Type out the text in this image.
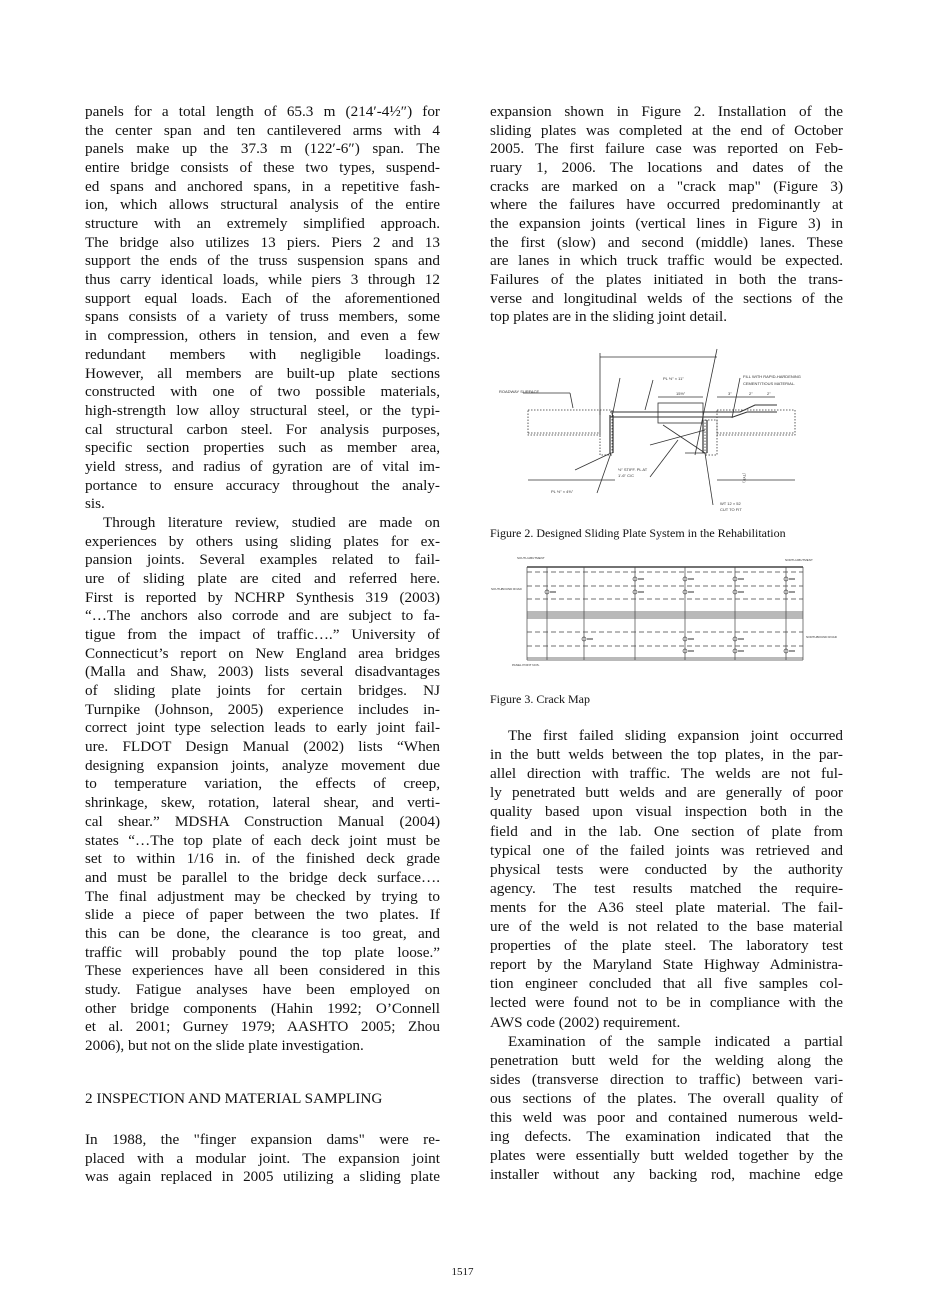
panels for a total length of 65.3 m (214′-4½″) for
the center span and ten cantilevered arms with 4
panels make up the 37.3 m (122′-6″) span. The
entire bridge consists of these two types, suspend-
ed spans and anchored spans, in a repetitive fash-
ion, which allows structural analysis of the entire
structure with an extremely simplified approach.
The bridge also utilizes 13 piers. Piers 2 and 13
support the ends of the truss suspension spans and
thus carry identical loads, while piers 3 through 12
support equal loads. Each of the aforementioned
spans consists of a variety of truss members, some
in compression, others in tension, and even a few
redundant members with negligible loadings.
However, all members are built-up plate sections
constructed with one of two possible materials,
high-strength low alloy structural steel, or the typi-
cal structural carbon steel. For analysis purposes,
specific section properties such as member area,
yield stress, and radius of gyration are of vital im-
portance to ensure accuracy throughout the analy-
sis.
Through literature review, studied are made on
experiences by others using sliding plates for ex-
pansion joints. Several examples related to fail-
ure of sliding plate are cited and referred here.
First is reported by NCHRP Synthesis 319 (2003)
“…The anchors also corrode and are subject to fa-
tigue from the impact of traffic….” University of
Connecticut’s report on New England area bridges
(Malla and Shaw, 2003) lists several disadvantages
of sliding plate joints for certain bridges. NJ
Turnpike (Johnson, 2005) experience includes in-
correct joint type selection leads to early joint fail-
ure. FLDOT Design Manual (2002) lists “When
designing expansion joints, analyze movement due
to temperature variation, the effects of creep,
shrinkage, skew, rotation, lateral shear, and verti-
cal shear.” MDSHA Construction Manual (2004)
states “…The top plate of each deck joint must be
set to within 1/16 in. of the finished deck grade
and must be parallel to the bridge deck surface….
The final adjustment may be checked by trying to
slide a piece of paper between the two plates. If
this can be done, the clearance is too great, and
traffic will probably pound the top plate loose.”
These experiences have all been considered in this
study. Fatigue analyses have been employed on
other bridge components (Hahin 1992; O’Connell
et al. 2001; Gurney 1979; AASHTO 2005; Zhou
2006), but not on the slide plate investigation.
In 1988, the "finger expansion dams" were re-
placed with a modular joint. The expansion joint
was again replaced in 2005 utilizing a sliding plate
expansion shown in Figure 2. Installation of the
sliding plates was completed at the end of October
2005. The first failure case was reported on Feb-
ruary 1, 2006. The locations and dates of the
cracks are marked on a "crack map" (Figure 3)
where the failures have occurred predominantly at
the expansion joints (vertical lines in Figure 3) in
the first (slow) and second (middle) lanes. These
are lanes in which truck traffic would be expected.
Failures of the plates initiated in both the trans-
verse and longitudinal welds of the sections of the
top plates are in the sliding joint detail.
The first failed sliding expansion joint occurred
in the butt welds between the top plates, in the par-
allel direction with traffic. The welds are not ful-
ly penetrated butt welds and are generally of poor
quality based upon visual inspection both in the
field and in the lab. One section of plate from
typical one of the failed joints was retrieved and
physical tests were conducted by the authority
agency. The test results matched the require-
ments for the A36 steel plate material. The fail-
ure of the weld is not related to the base material
properties of the plate steel. The laboratory test
report by the Maryland State Highway Administra-
tion engineer concluded that all five samples col-
lected were found not to be in compliance with the
AWS code (2002) requirement.
Examination of the sample indicated a partial
penetration butt weld for the welding along the
sides (transverse direction to traffic) between vari-
ous sections of the plates. The overall quality of
this weld was poor and contained numerous weld-
ing defects. The examination indicated that the
plates were essentially butt welded together by the
installer without any backing rod, machine edge
2 INSPECTION AND MATERIAL SAMPLING
ROADWAY SURFACE
FILL WITH RAPID-HARDENING
CEMENTITIOUS MATERIAL.
PL ½" × 11"
15½"	3"	2"	2"
½" STIFF. PL AT
1'-6" C/C
PL ½" × 4⅝"
WT 12 × 52
CUT TO FIT
(TYP.)
Figure 2. Designed Sliding Plate System in the Rehabilitation
SOUTH ABUTMENT	NORTH ABUTMENT
SOUTHBOUND ROAD
NORTHBOUND ROAD
PANEL POINT NOS.
Figure 3. Crack Map
1517
